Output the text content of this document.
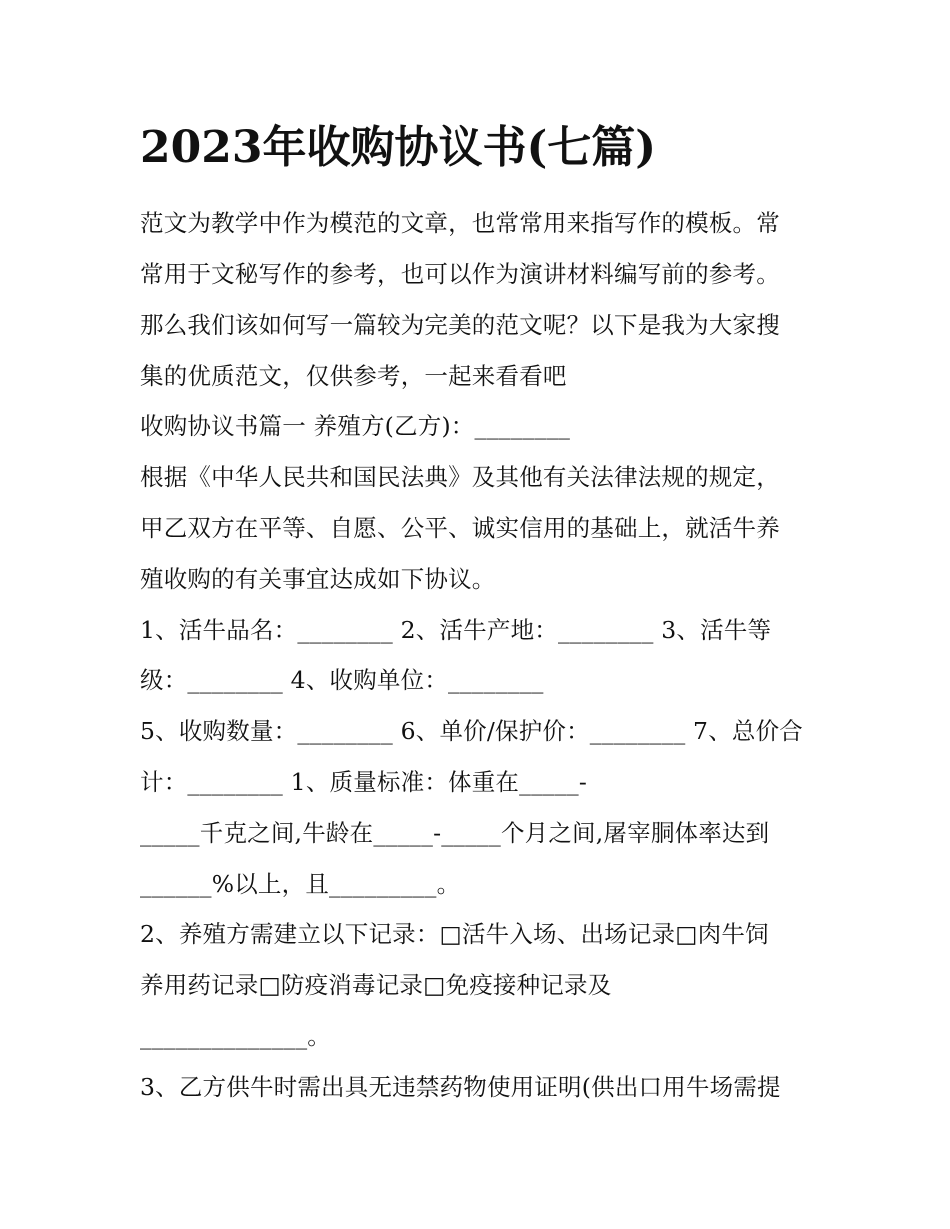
2023年收购协议书(七篇)
范文为教学中作为模范的文章，也常常用来指写作的模板。常
常用于文秘写作的参考，也可以作为演讲材料编写前的参考。
那么我们该如何写一篇较为完美的范文呢？以下是我为大家搜
集的优质范文，仅供参考，一起来看看吧
收购协议书篇一 养殖方(乙方)：________
根据《中华人民共和国民法典》及其他有关法律法规的规定，
甲乙双方在平等、自愿、公平、诚实信用的基础上，就活牛养
殖收购的有关事宜达成如下协议。
1、活牛品名：________ 2、活牛产地：________ 3、活牛等
级：________ 4、收购单位：________
5、收购数量：________ 6、单价/保护价：________ 7、总价合
计：________ 1、质量标准：体重在_____-
_____千克之间,牛龄在_____-_____个月之间,屠宰胴体率达到
______%以上，且_________。
2、养殖方需建立以下记录：□活牛入场、出场记录□肉牛饲
养用药记录□防疫消毒记录□免疫接种记录及
______________。
3、乙方供牛时需出具无违禁药物使用证明(供出口用牛场需提
